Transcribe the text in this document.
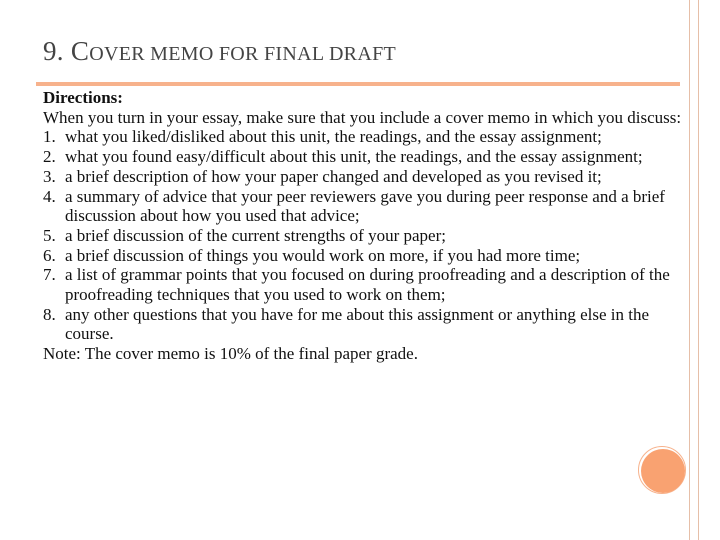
9. COVER MEMO FOR FINAL DRAFT
Directions:
When you turn in your essay, make sure that you include a cover memo in which you discuss:
1. what you liked/disliked about this unit, the readings, and the essay assignment;
2. what you found easy/difficult about this unit, the readings, and the essay assignment;
3. a brief description of how your paper changed and developed as you revised it;
4. a summary of advice that your peer reviewers gave you during peer response and a brief discussion about how you used that advice;
5. a brief discussion of the current strengths of your paper;
6. a brief discussion of things you would work on more, if you had more time;
7. a list of grammar points that you focused on during proofreading and a description of the proofreading techniques that you used to work on them;
8. any other questions that you have for me about this assignment or anything else in the course.
Note: The cover memo is 10% of the final paper grade.
